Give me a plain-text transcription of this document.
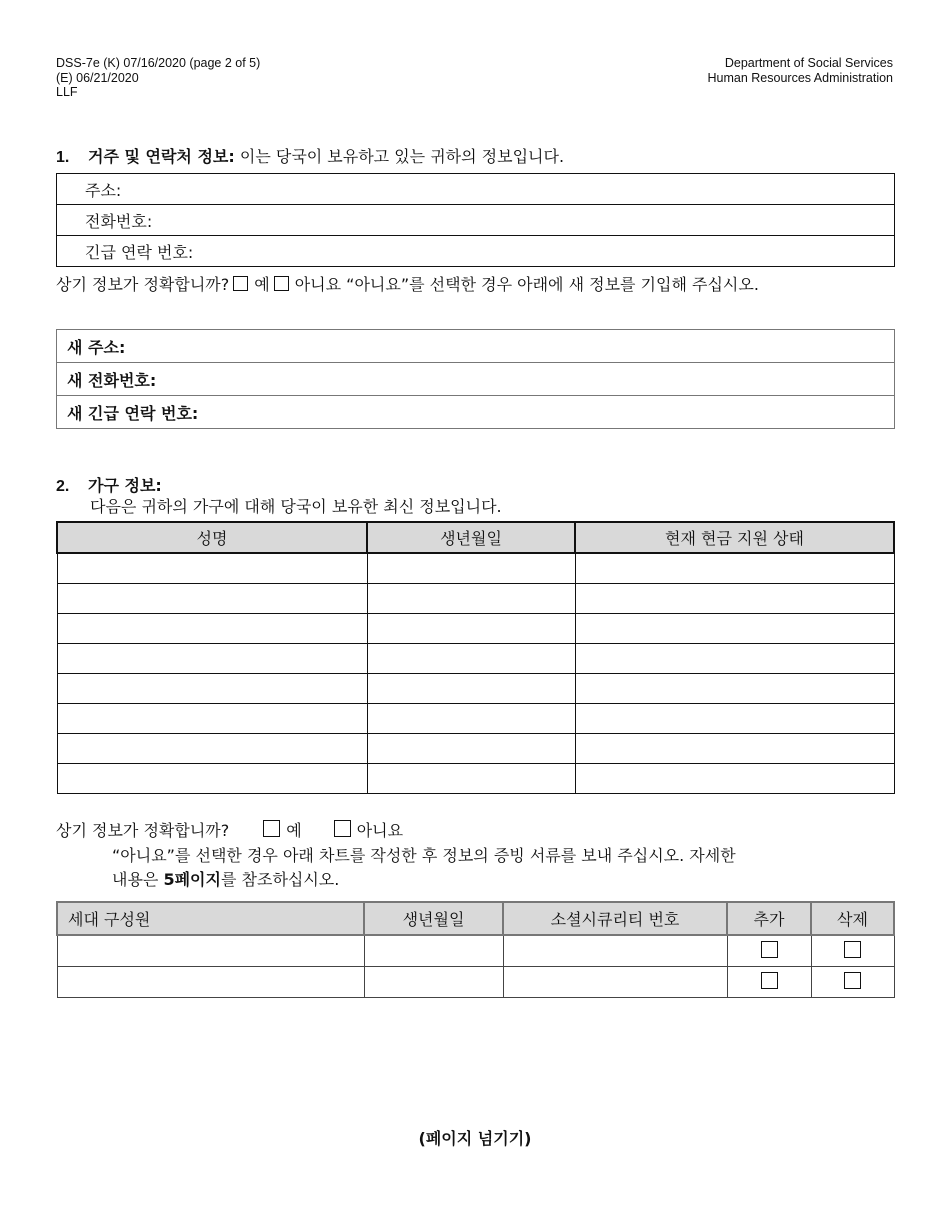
DSS-7e (K) 07/16/2020 (page 2 of 5)
(E) 06/21/2020
LLF
Department of Social Services
Human Resources Administration
1. 거주 및 연락처 정보: 이는 당국이 보유하고 있는 귀하의 정보입니다.
주소:
전화번호:
긴급 연락 번호:
상기 정보가 정확합니까? 예 아니요 “아니요”를 선택한 경우 아래에 새 정보를 기입해 주십시오.
새 주소:
새 전화번호:
새 긴급 연락 번호:
2. 가구 정보:
다음은 귀하의 가구에 대해 당국이 보유한 최신 정보입니다.
성명	생년월일	현재 현금 지원 상태

상기 정보가 정확합니까?	예	아니요
“아니요”를 선택한 경우 아래 차트를 작성한 후 정보의 증빙 서류를 보내 주십시오. 자세한
내용은 5페이지를 참조하십시오.
세대 구성원	생년월일	소셜시큐리티 번호	추가	삭제

(페이지 넘기기)
